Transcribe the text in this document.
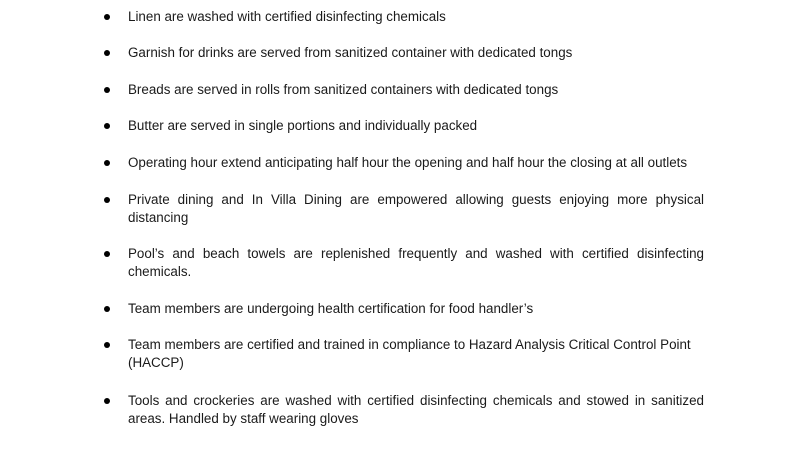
Linen are washed with certified disinfecting chemicals

Garnish for drinks are served from sanitized container with dedicated tongs

Breads are served in rolls from sanitized containers with dedicated tongs

Butter are served in single portions and individually packed

Operating hour extend anticipating half hour the opening and half hour the closing at all outlets

Private dining and In Villa Dining are empowered allowing guests enjoying more physical distancing

Pool’s and beach towels are replenished frequently and washed with certified disinfecting chemicals.

Team members are undergoing health certification for food handler’s

Team members are certified and trained in compliance to Hazard Analysis Critical Control Point (HACCP)

Tools and crockeries are washed with certified disinfecting chemicals and stowed in sanitized areas. Handled by staff wearing gloves
